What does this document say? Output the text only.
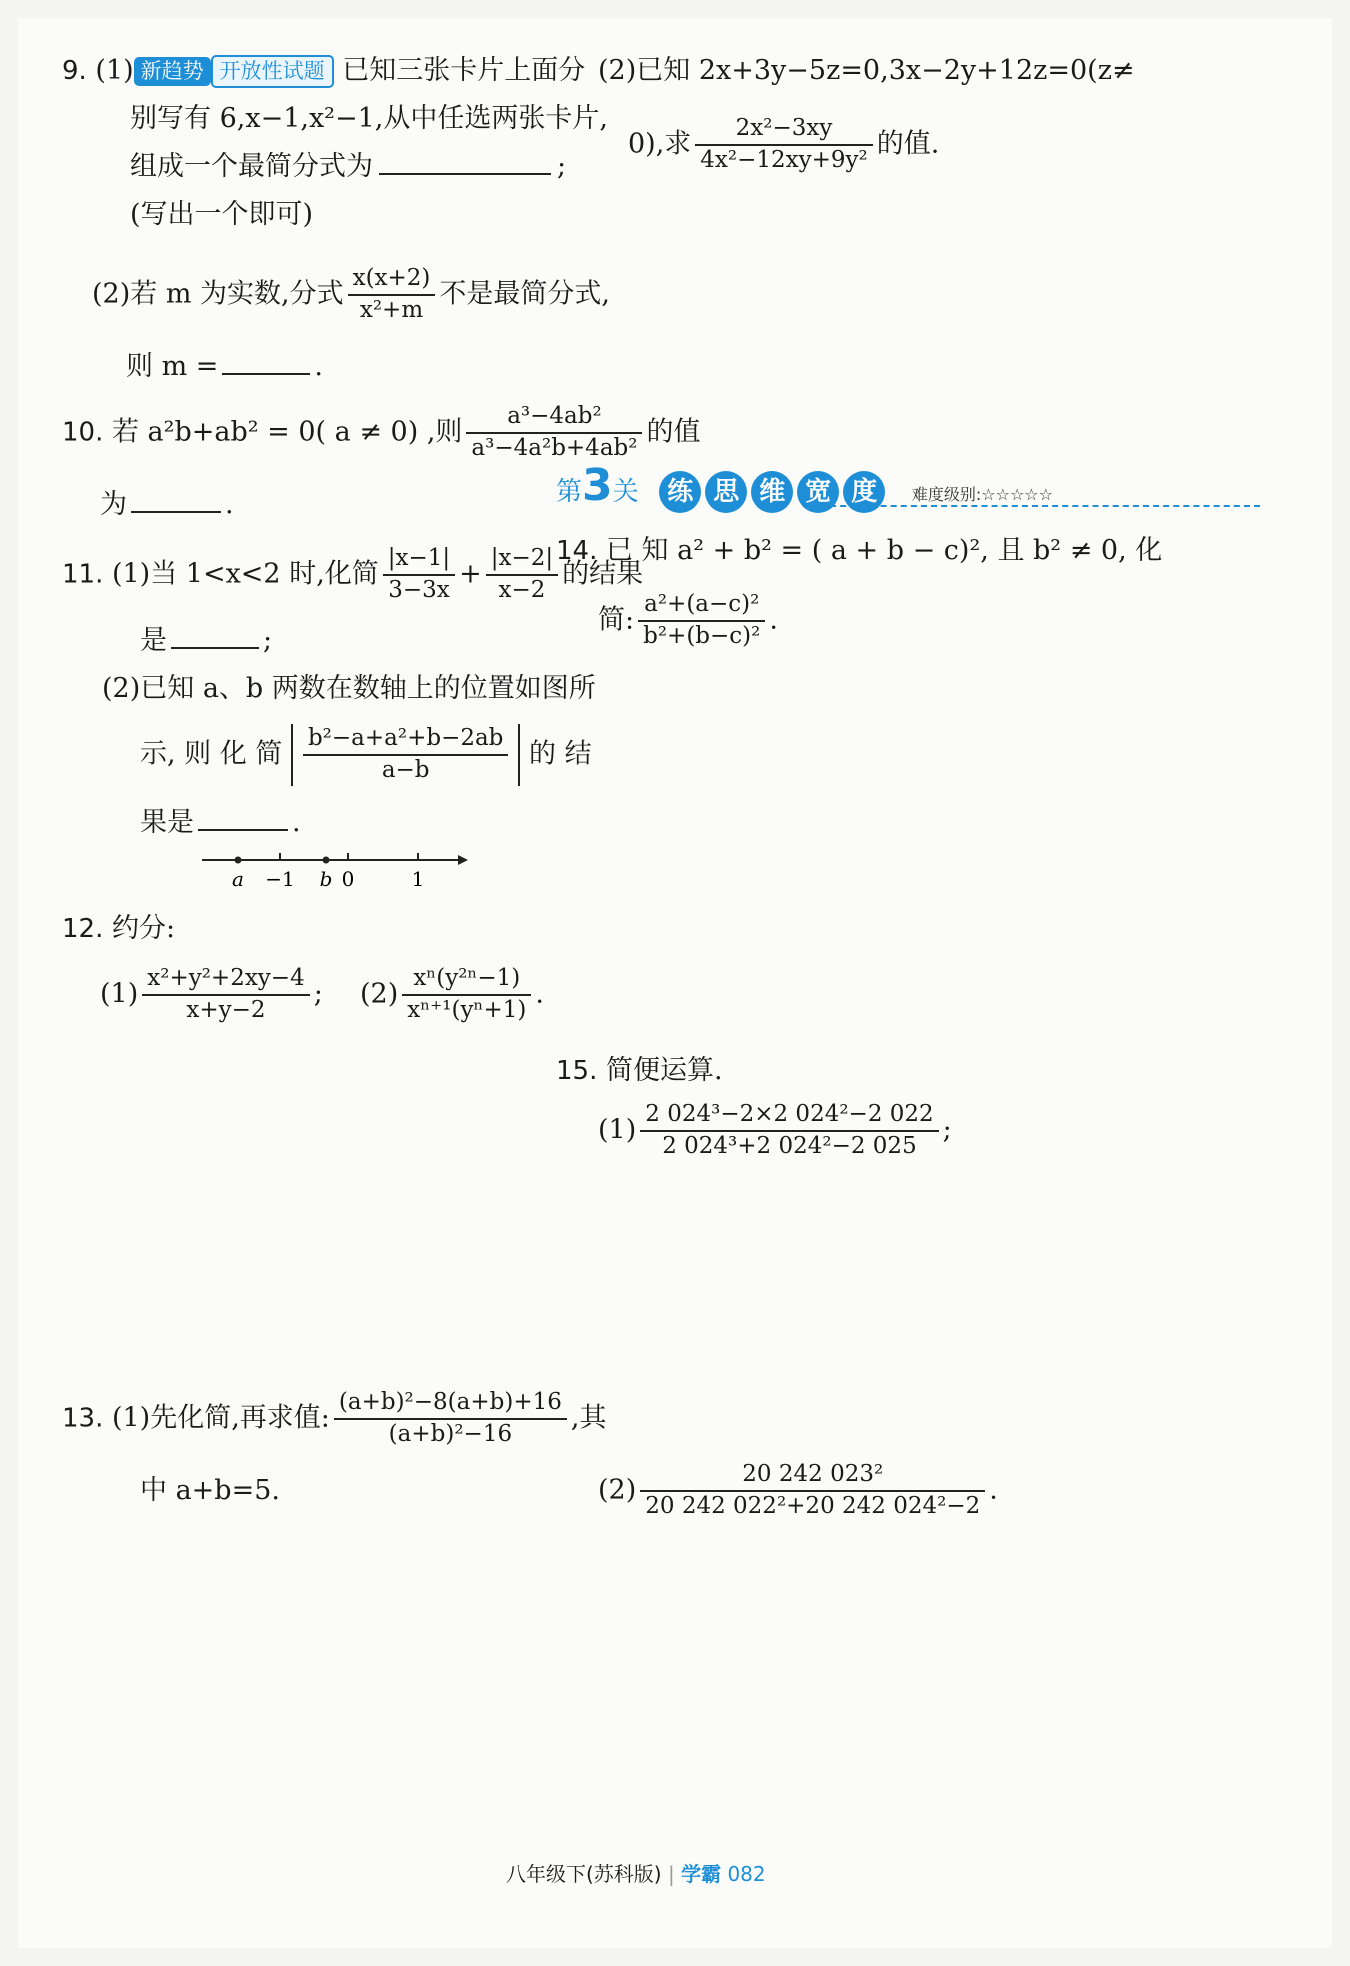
9. (1) 新趋势 开放性试题 已知三张卡片上面分
别写有 6,x−1,x²−1,从中任选两张卡片,
组成一个最简分式为	;
(写出一个即可)
(2)若 m 为实数,分式 $\frac{x(x+2)}{\text{x²+m}}$ 不是最简分式,
则 m =	.
10. 若 a²b+ab² = 0( a ≠ 0) ,则 $\frac{\text{a³−4ab²}}{\text{a³−4a²b+4ab²}}$ 的值
为	.
11. (1)当 1<x<2 时,化简 $\frac{|x-1|}{3-3x} + \frac{|x-2|}{x-2}$ 的结果
是	;
(2)已知 a、b 两数在数轴上的位置如图所
示, 则 化 简 $\frac{\text{b²−a+a²+b−2ab}}{a-b}$ 的 结
果是	.
a −1 b 0	1
12. 约分:
$(1) \frac{\text{x²+y²+2xy−4}}{x+y-2}$ ; $(2) \frac{\text{xⁿ(y²ⁿ−1)}}{\text{xⁿ⁺¹(yⁿ+1)}}$ .
13. (1)先化简,再求值: $\frac{\text{(a+b)²−8(a+b)+16}}{\text{(a+b)²−16}}$ ,其
中 a+b=5.
(2)已知 2x+3y−5z=0,3x−2y+12z=0(z≠
0),求 $\frac{\text{2x²−3xy}}{\text{4x²−12xy+9y²}}$ 的值.
第3关 练 思 维 宽 度 难度级别:☆☆☆☆☆
14. 已 知 a² + b² = ( a + b − c)², 且 b² ≠ 0, 化
简: $\frac{\text{a²+(a−c)²}}{\text{b²+(b−c)²}}$ .
15. 简便运算.
$(1) \frac{\text{2 024³−2×2 024²−2 022}}{\text{2 024³+2 024²−2 025}}$ ;
$(2) \frac{\text{20 242 023²}}{\text{20 242 022²+20 242 024²−2}}$ .
八年级下(苏科版) | 学霸 082
